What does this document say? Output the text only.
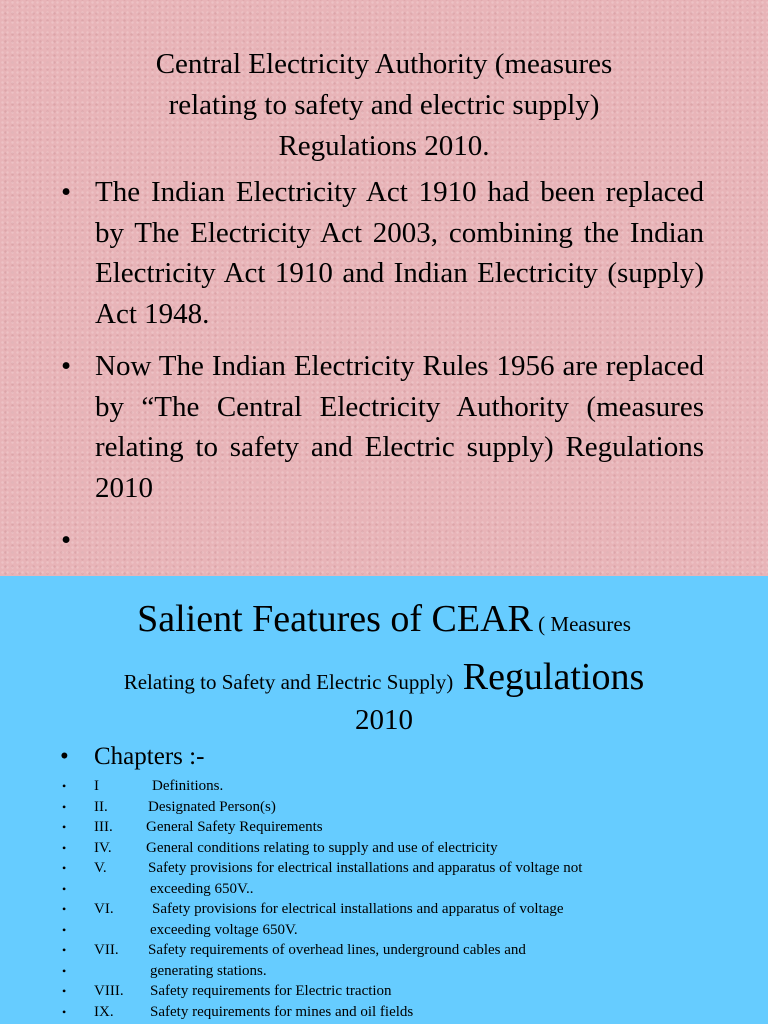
Central Electricity Authority (measures
relating to safety and electric supply)
Regulations 2010.
• The Indian Electricity Act 1910 had been replaced by The Electricity Act 2003, combining the Indian Electricity Act 1910 and Indian Electricity (supply) Act 1948.
• Now The Indian Electricity Rules 1956 are replaced by “The Central Electricity Authority (measures relating to safety and Electric supply) Regulations 2010
•
Salient Features of CEAR ( Measures
Relating to Safety and Electric Supply) Regulations
2010
• Chapters :-
• I	Definitions.
• II.	Designated Person(s)
• III. General Safety Requirements
• IV. General conditions relating to supply and use of electricity
• V.	Safety provisions for electrical installations and apparatus of voltage not
•	exceeding 650V..
• VI.	Safety provisions for electrical installations and apparatus of voltage
•	exceeding voltage 650V.
• VII. Safety requirements of overhead lines, underground cables and
•	generating stations.
• VIII. Safety requirements for Electric traction
• IX. Safety requirements for mines and oil fields
